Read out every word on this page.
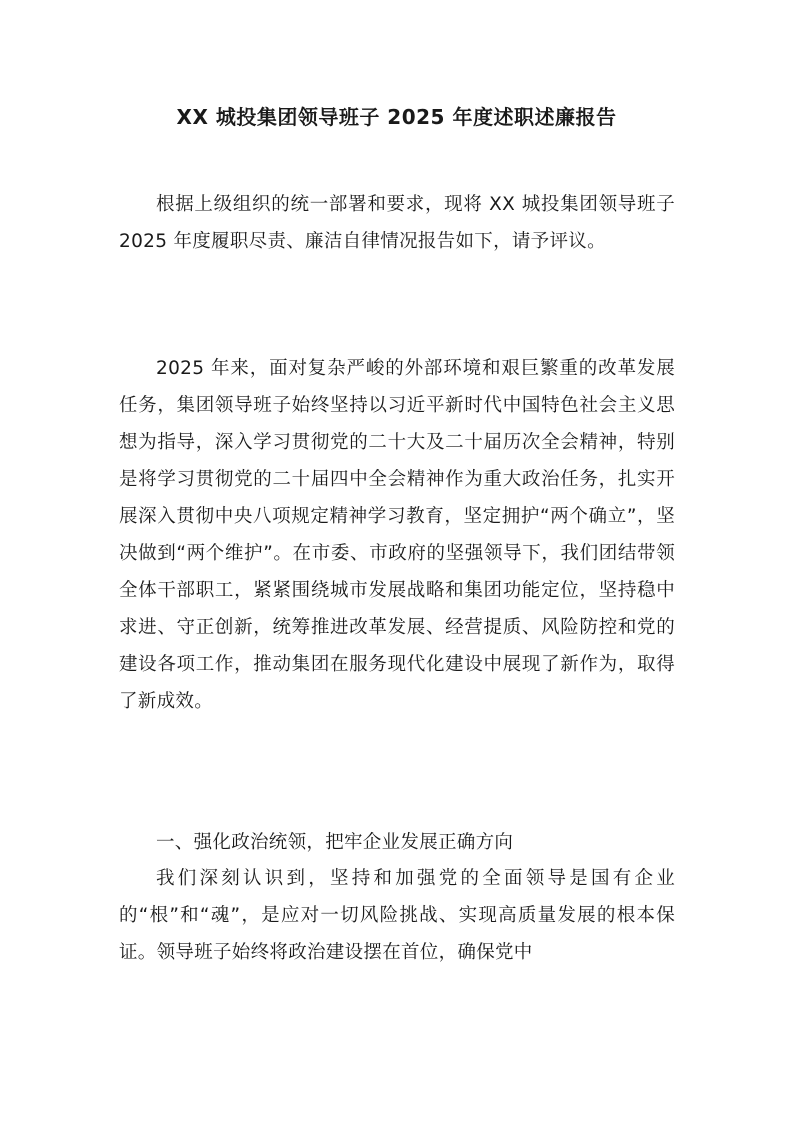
XX 城投集团领导班子 2025 年度述职述廉报告

根据上级组织的统一部署和要求，现将 XX 城投集团领导班子 2025 年度履职尽责、廉洁自律情况报告如下，请予评议。

2025 年来，面对复杂严峻的外部环境和艰巨繁重的改革发展任务，集团领导班子始终坚持以习近平新时代中国特色社会主义思想为指导，深入学习贯彻党的二十大及二十届历次全会精神，特别是将学习贯彻党的二十届四中全会精神作为重大政治任务，扎实开展深入贯彻中央八项规定精神学习教育，坚定拥护“两个确立”，坚决做到“两个维护”。在市委、市政府的坚强领导下，我们团结带领全体干部职工，紧紧围绕城市发展战略和集团功能定位，坚持稳中求进、守正创新，统筹推进改革发展、经营提质、风险防控和党的建设各项工作，推动集团在服务现代化建设中展现了新作为，取得了新成效。

一、强化政治统领，把牢企业发展正确方向

我们深刻认识到，坚持和加强党的全面领导是国有企业的“根”和“魂”，是应对一切风险挑战、实现高质量发展的根本保证。领导班子始终将政治建设摆在首位，确保党中
